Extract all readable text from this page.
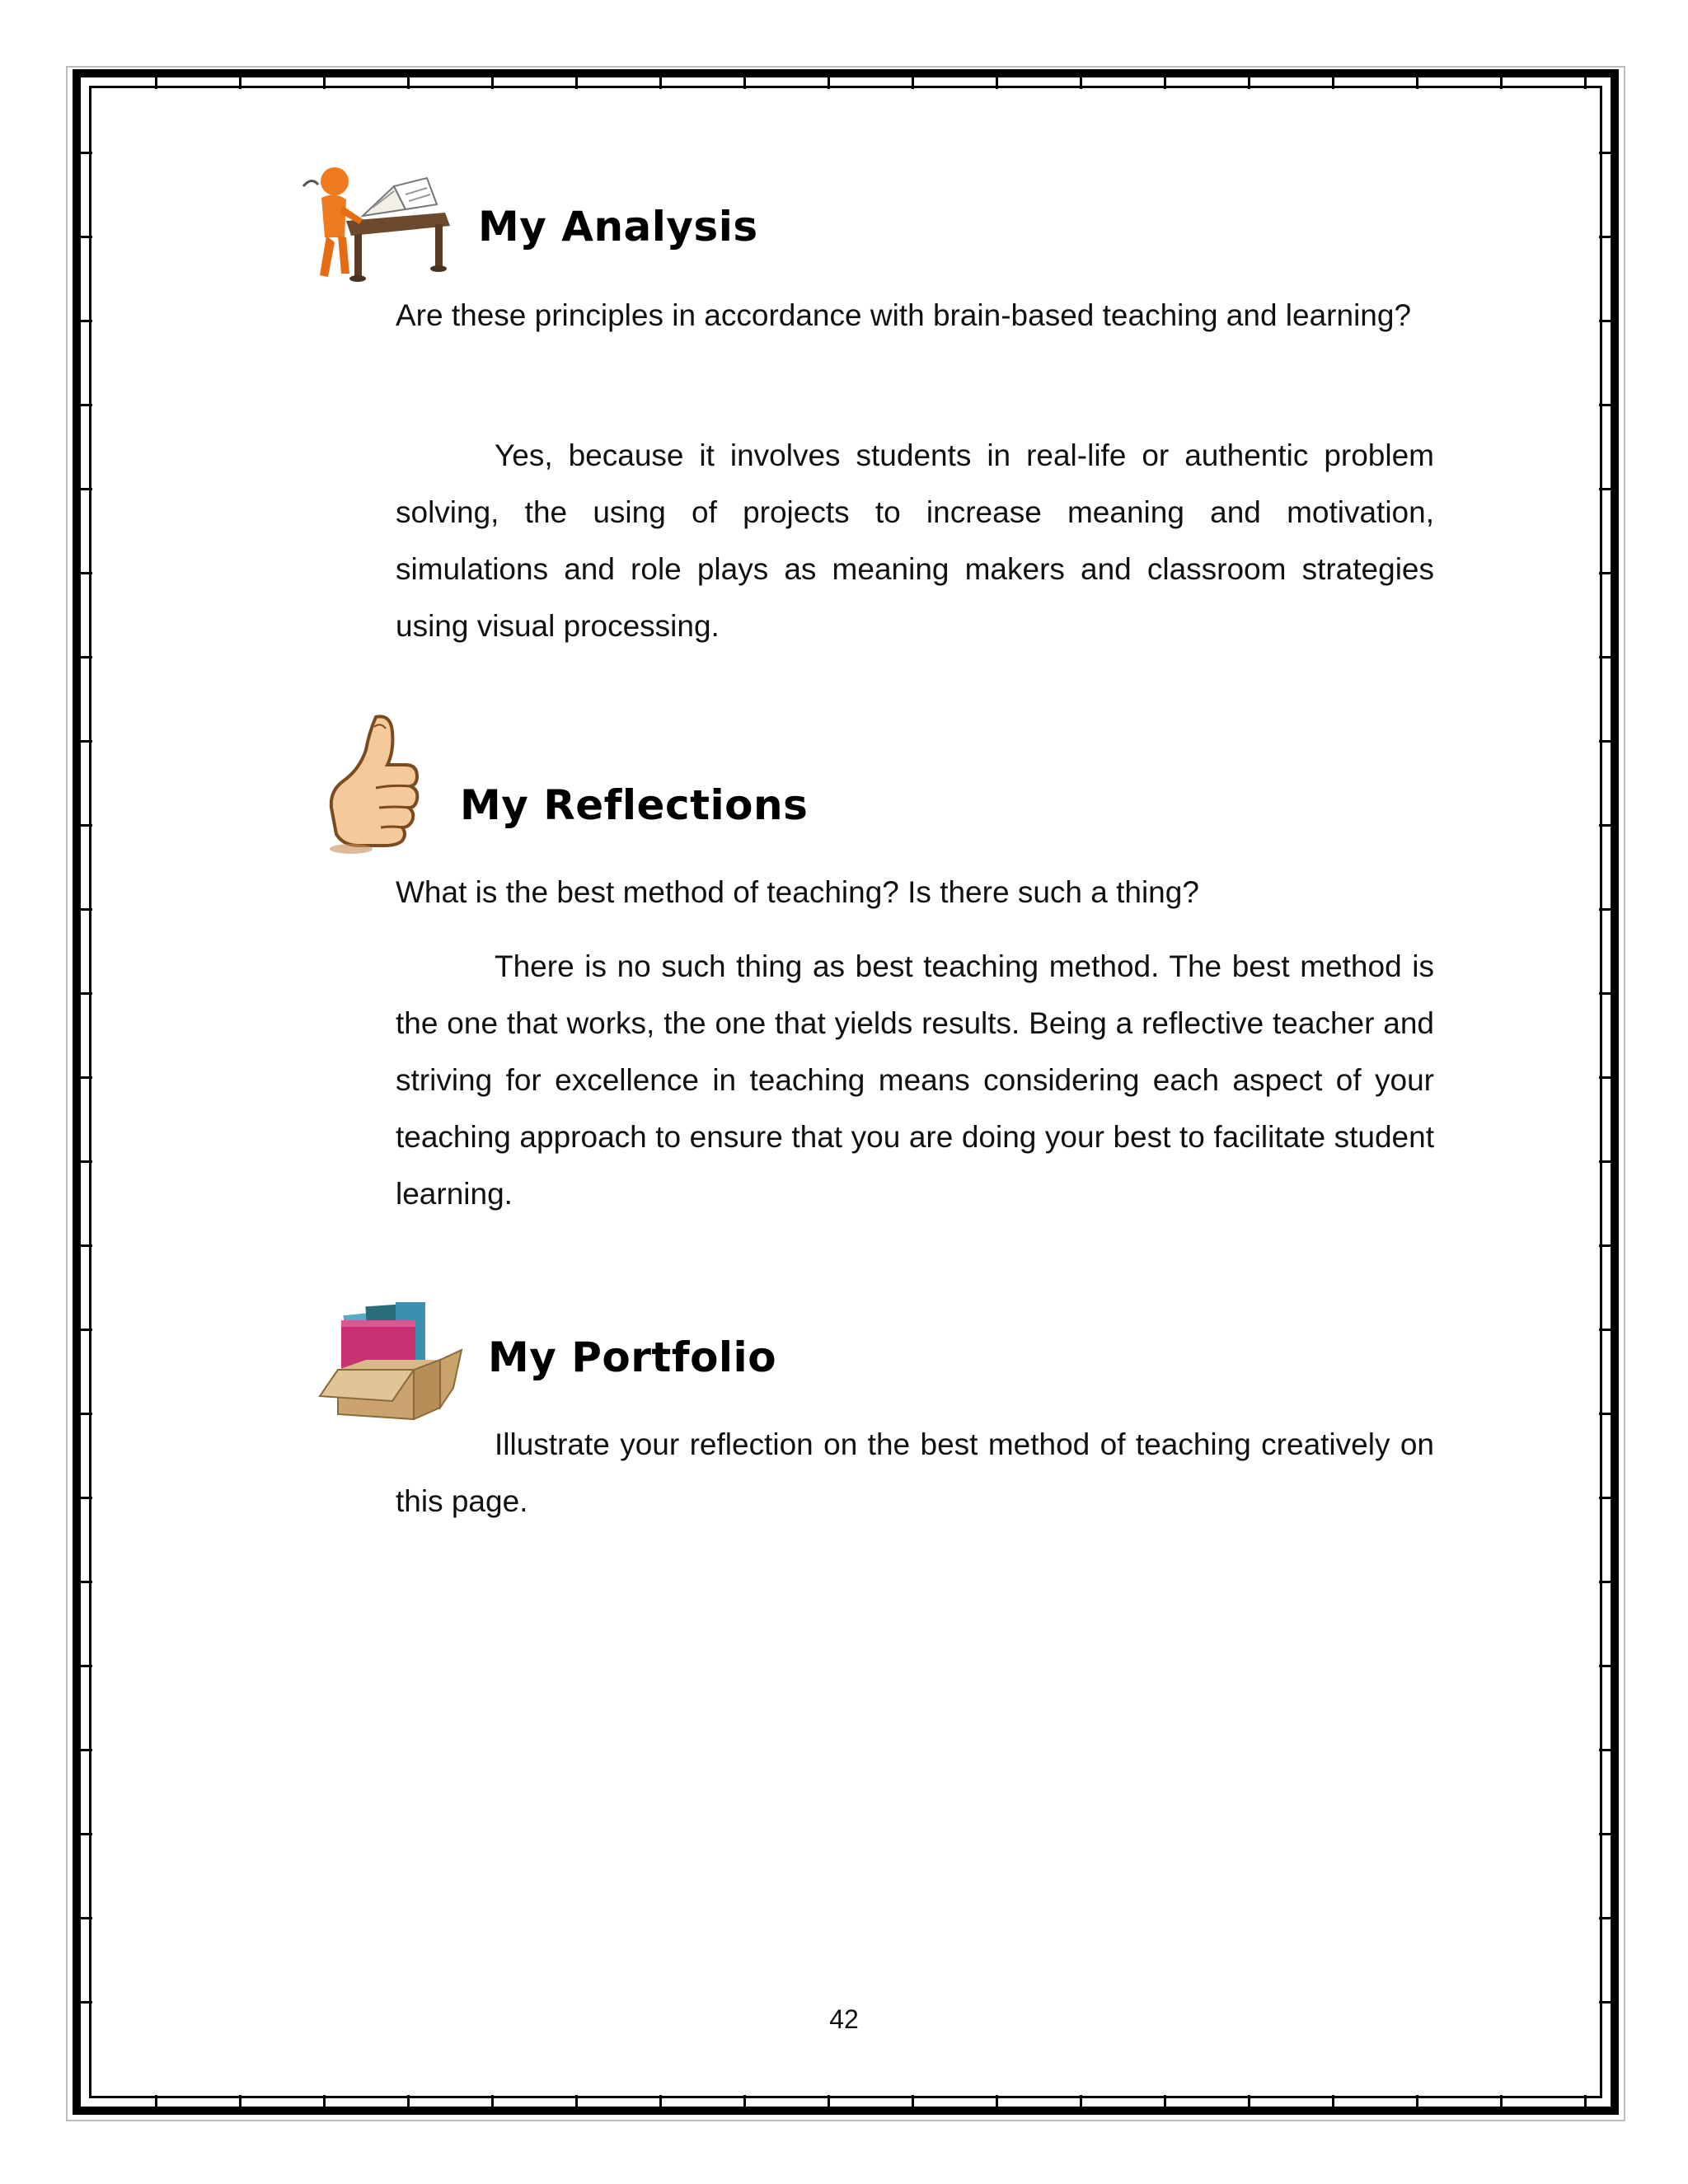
My Analysis

Are these principles in accordance with brain-based teaching and learning?

Yes, because it involves students in real-life or authentic problem solving, the using of projects to increase meaning and motivation, simulations and role plays as meaning makers and classroom strategies using visual processing.

My Reflections

What is the best method of teaching? Is there such a thing?

There is no such thing as best teaching method. The best method is the one that works, the one that yields results. Being a reflective teacher and striving for excellence in teaching means considering each aspect of your teaching approach to ensure that you are doing your best to facilitate student learning.

My Portfolio

Illustrate your reflection on the best method of teaching creatively on this page.

42
